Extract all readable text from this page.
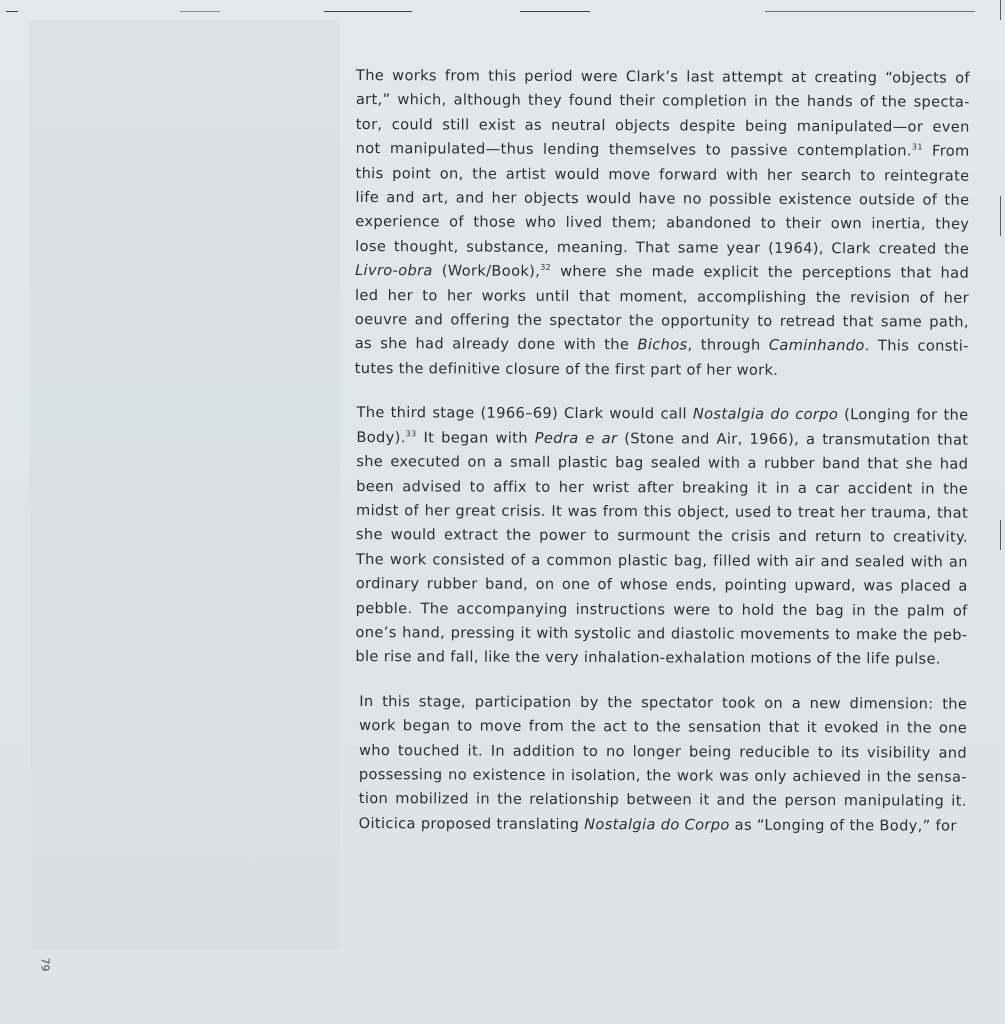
79

The works from this period were Clark’s last attempt at creating “objects of
art,” which, although they found their completion in the hands of the specta-
tor, could still exist as neutral objects despite being manipulated—or even
not manipulated—thus lending themselves to passive contemplation.$^{31}$ From
this point on, the artist would move forward with her search to reintegrate
life and art, and her objects would have no possible existence outside of the
experience of those who lived them; abandoned to their own inertia, they
lose thought, substance, meaning. That same year (1964), Clark created the
Livro-obra (Work/Book),$^{32}$ where she made explicit the perceptions that had
led her to her works until that moment, accomplishing the revision of her
oeuvre and offering the spectator the opportunity to retread that same path,
as she had already done with the Bichos, through Caminhando. This consti-
tutes the definitive closure of the first part of her work.

The third stage (1966–69) Clark would call Nostalgia do corpo (Longing for the
Body).$^{33}$ It began with Pedra e ar (Stone and Air, 1966), a transmutation that
she executed on a small plastic bag sealed with a rubber band that she had
been advised to affix to her wrist after breaking it in a car accident in the
midst of her great crisis. It was from this object, used to treat her trauma, that
she would extract the power to surmount the crisis and return to creativity.
The work consisted of a common plastic bag, filled with air and sealed with an
ordinary rubber band, on one of whose ends, pointing upward, was placed a
pebble. The accompanying instructions were to hold the bag in the palm of
one’s hand, pressing it with systolic and diastolic movements to make the peb-
ble rise and fall, like the very inhalation-exhalation motions of the life pulse.

In this stage, participation by the spectator took on a new dimension: the
work began to move from the act to the sensation that it evoked in the one
who touched it. In addition to no longer being reducible to its visibility and
possessing no existence in isolation, the work was only achieved in the sensa-
tion mobilized in the relationship between it and the person manipulating it.
Oiticica proposed translating Nostalgia do Corpo as “Longing of the Body,” for
